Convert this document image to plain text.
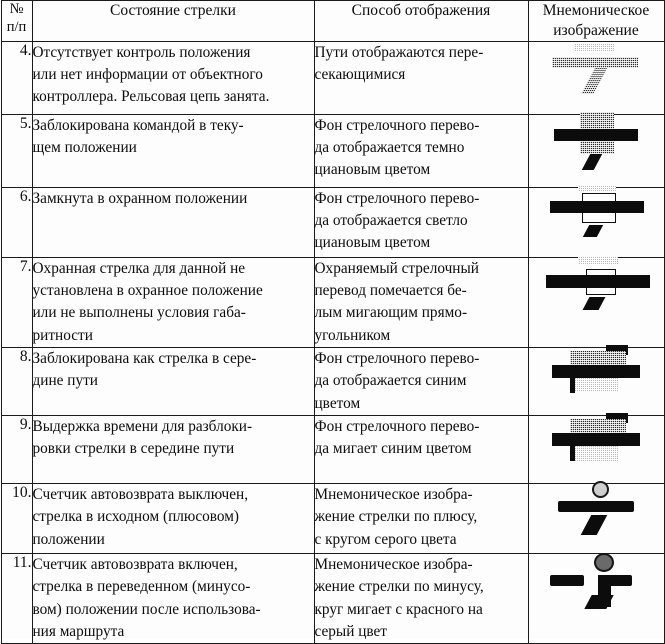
№
п/п
	Состояние стрелки	Способ отображения	Мнемоническое
изображение

4.	Отсутствует контроль положения
или нет информации от объектного
контроллера. Рельсовая цепь занята.	Пути отображаются пере-
секающимися	

5.	Заблокирована командой в теку-
щем положении	Фон стрелочного перево-
да отображается темно
циановым цветом	

6.	Замкнута в охранном положении	Фон стрелочного перево-
да отображается светло
циановым цветом	

7.	Охранная стрелка для данной не
установлена в охранное положение
или не выполнены условия габа-
ритности	Охраняемый стрелочный
перевод помечается бе-
лым мигающим прямо-
угольником	

8.	Заблокирована как стрелка в сере-
дине пути	Фон стрелочного перево-
да отображается синим
цветом	

9.	Выдержка времени для разблоки-
ровки стрелки в середине пути	Фон стрелочного перево-
да мигает синим цветом	

10.	Счетчик автовозврата выключен,
стрелка в исходном (плюсовом)
положении	Мнемоническое изобра-
жение стрелки по плюсу,
с кругом серого цвета	

11.	Счетчик автовозврата включен,
стрелка в переведенном (минусо-
вом) положении после использова-
ния маршрута	Мнемоническое изобра-
жение стрелки по минусу,
круг мигает с красного на
серый цвет	
